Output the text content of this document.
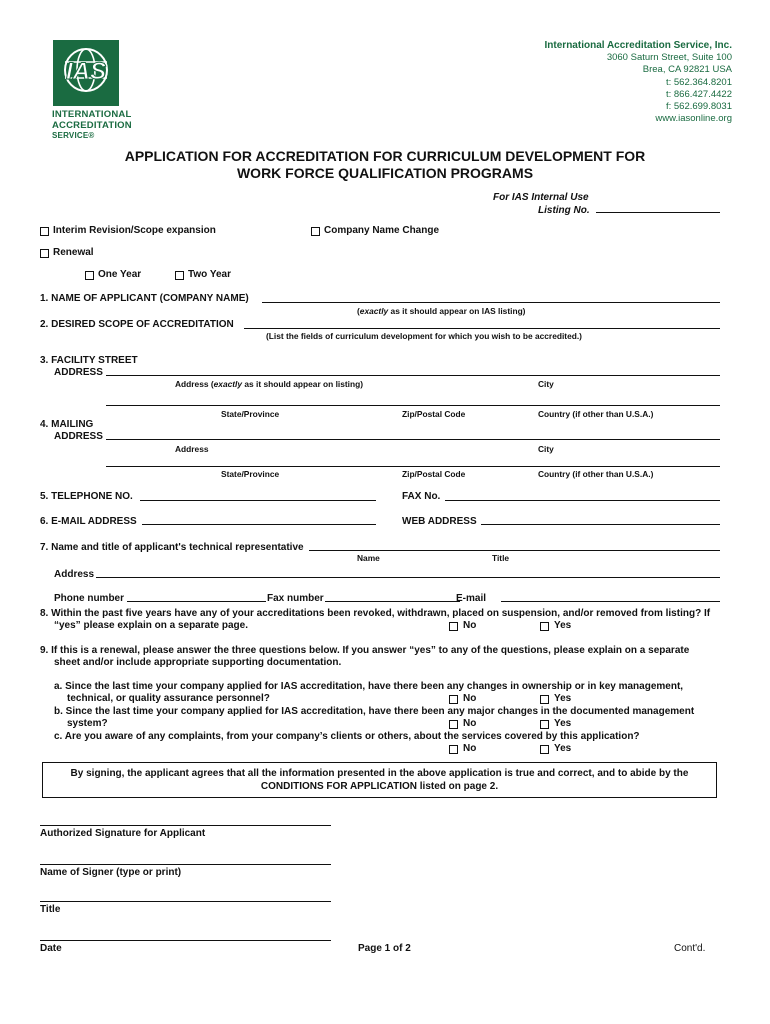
IAS
INTERNATIONAL
ACCREDITATION
SERVICE®
International Accreditation Service, Inc.
3060 Saturn Street, Suite 100
Brea, CA 92821 USA
t: 562.364.8201
t: 866.427.4422
f: 562.699.8031
www.iasonline.org
APPLICATION FOR ACCREDITATION FOR CURRICULUM DEVELOPMENT FOR
WORK FORCE QUALIFICATION PROGRAMS
For IAS Internal Use
Listing No.
Interim Revision/Scope expansion	Company Name Change
Renewal
One Year	Two Year
1. NAME OF APPLICANT (COMPANY NAME)
(exactly as it should appear on IAS listing)
2. DESIRED SCOPE OF ACCREDITATION
(List the fields of curriculum development for which you wish to be accredited.)
3. FACILITY STREET
ADDRESS
Address (exactly as it should appear on listing)	City
State/Province	Zip/Postal Code	Country (if other than U.S.A.)
4. MAILING
ADDRESS
Address	City
State/Province	Zip/Postal Code	Country (if other than U.S.A.)
5. TELEPHONE NO.	FAX No.
6. E-MAIL ADDRESS	WEB ADDRESS
7. Name and title of applicant's technical representative
Name	Title
Address
Phone number	Fax number	E-mail
8. Within the past five years have any of your accreditations been revoked, withdrawn, placed on suspension, and/or removed from listing? If
“yes” please explain on a separate page.	No	Yes
9. If this is a renewal, please answer the three questions below. If you answer “yes” to any of the questions, please explain on a separate
sheet and/or include appropriate supporting documentation.
a. Since the last time your company applied for IAS accreditation, have there been any changes in ownership or in key management,
technical, or quality assurance personnel?	No	Yes
b. Since the last time your company applied for IAS accreditation, have there been any major changes in the documented management
system?	No	Yes
c. Are you aware of any complaints, from your company’s clients or others, about the services covered by this application?
No	Yes
By signing, the applicant agrees that all the information presented in the above application is true and correct, and to abide by the
CONDITIONS FOR APPLICATION listed on page 2.
Authorized Signature for Applicant
Name of Signer (type or print)
Title
Date	Page 1 of 2	Cont'd.
